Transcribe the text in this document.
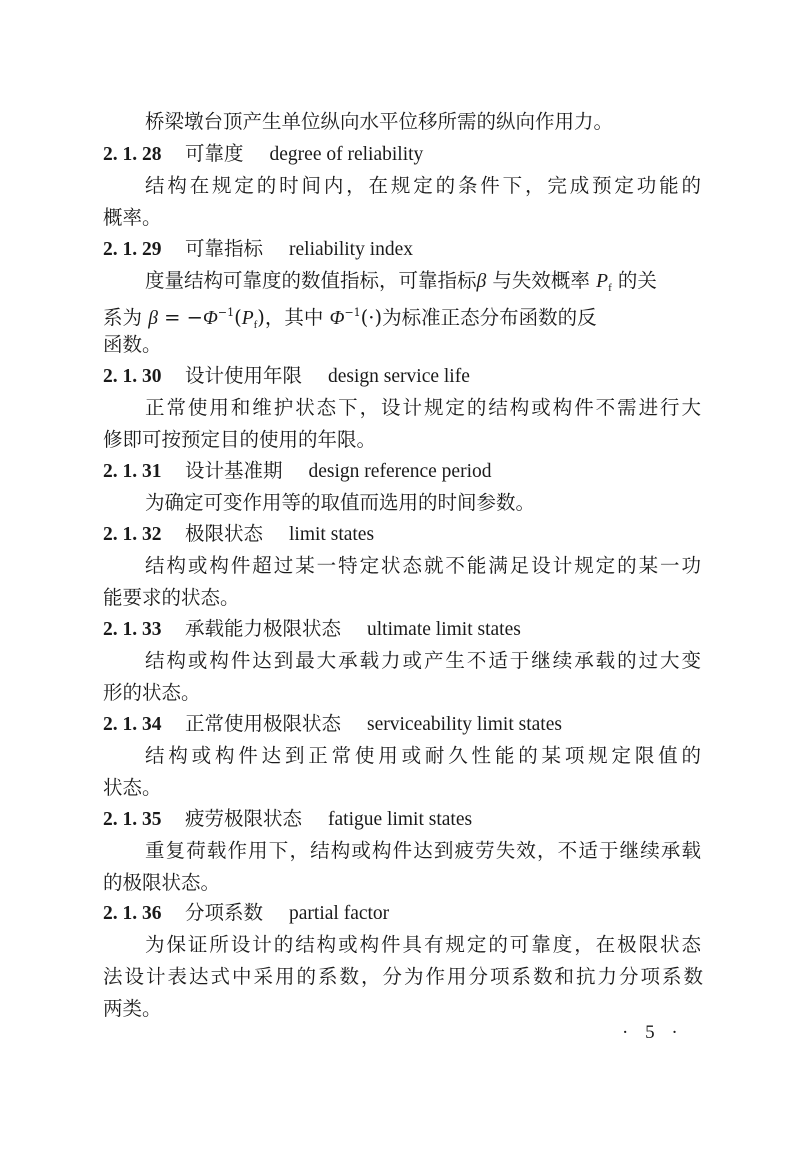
桥梁墩台顶产生单位纵向水平位移所需的纵向作用力。
2. 1. 28 可靠度 degree of reliability
结构在规定的时间内，在规定的条件下，完成预定功能的
概率。
2. 1. 29 可靠指标 reliability index
度量结构可靠度的数值指标，可靠指标β 与失效概率 $P_f$ 的关
系为 $\beta = -\Phi^{-1}(P_f)$，其中 $\Phi^{-1}(\cdot)$为标准正态分布函数的反
函数。
2. 1. 30 设计使用年限 design service life
正常使用和维护状态下，设计规定的结构或构件不需进行大
修即可按预定目的使用的年限。
2. 1. 31 设计基准期 design reference period
为确定可变作用等的取值而选用的时间参数。
2. 1. 32 极限状态 limit states
结构或构件超过某一特定状态就不能满足设计规定的某一功
能要求的状态。
2. 1. 33 承载能力极限状态 ultimate limit states
结构或构件达到最大承载力或产生不适于继续承载的过大变
形的状态。
2. 1. 34 正常使用极限状态 serviceability limit states
结构或构件达到正常使用或耐久性能的某项规定限值的
状态。
2. 1. 35 疲劳极限状态 fatigue limit states
重复荷载作用下，结构或构件达到疲劳失效，不适于继续承载
的极限状态。
2. 1. 36 分项系数 partial factor
为保证所设计的结构或构件具有规定的可靠度，在极限状态
法设计表达式中采用的系数，分为作用分项系数和抗力分项系数
两类。
· 5 ·
